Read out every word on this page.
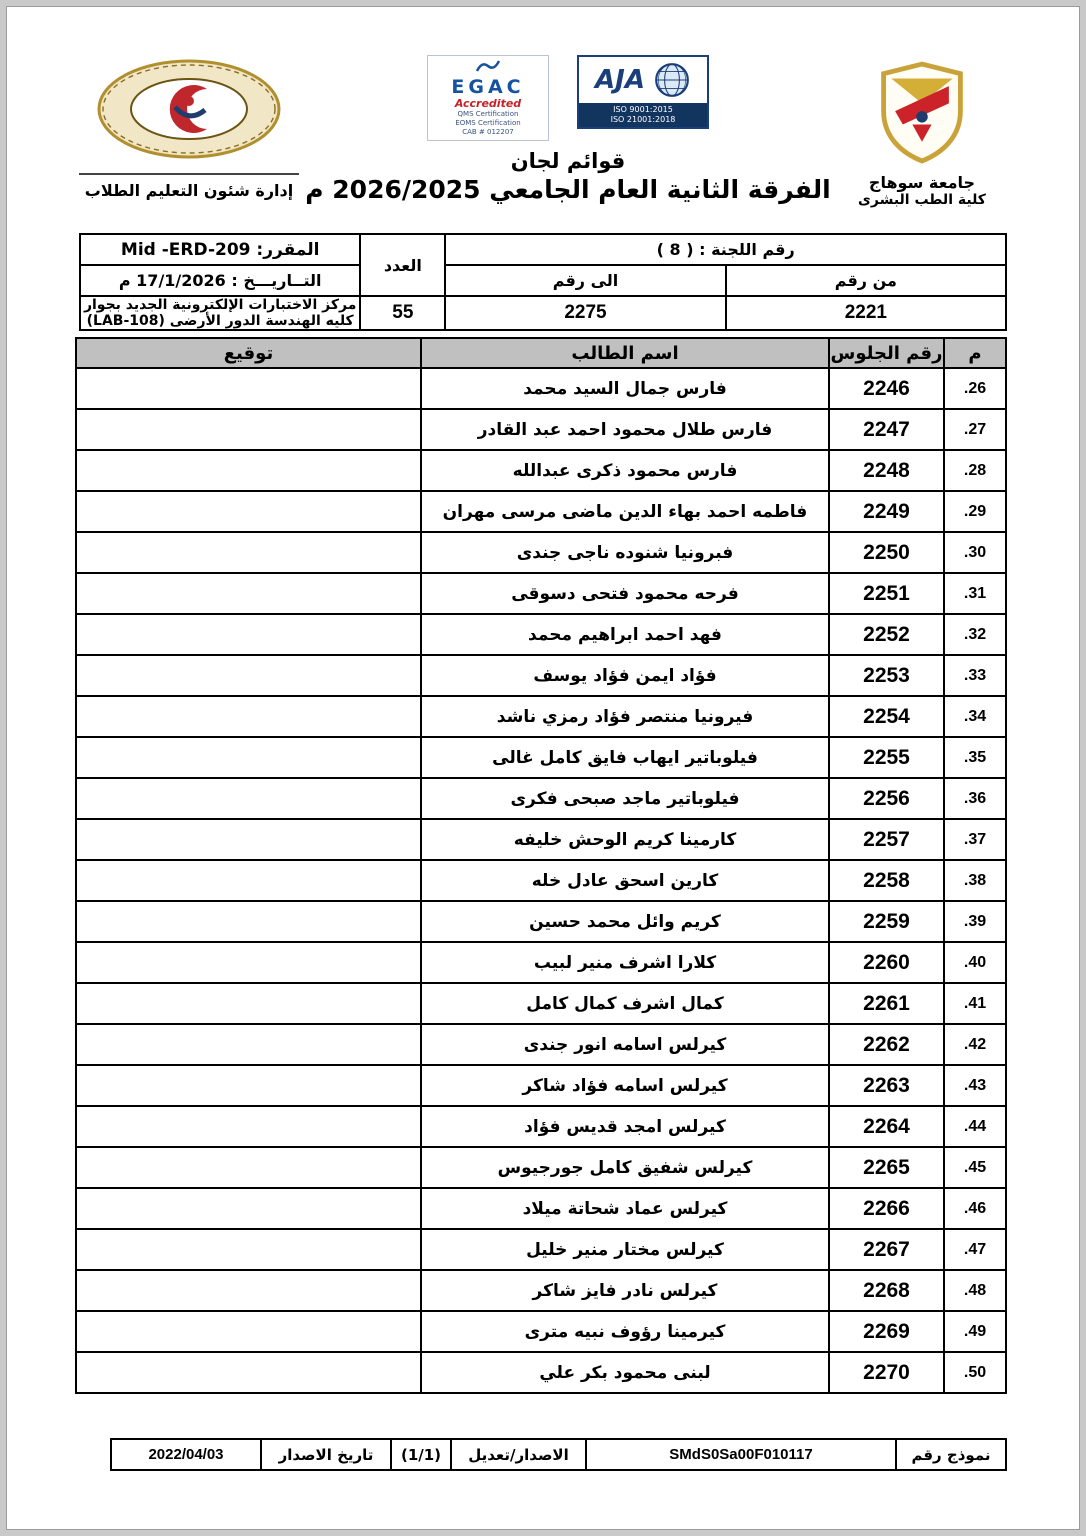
جامعة سوهاج
كلية الطب البشرى
EGAC
Accredited
QMS Certification
EOMS Certification
CAB # 012207
AJA
ISO 9001:2015
ISO 21001:2018
قوائم لجان
الفرقة الثانية العام الجامعي 2026/2025 م
إدارة شئون التعليم الطلاب
رقم اللجنة : ( 8 )		العدد	المقرر: Mid -ERD-209
من رقم	الى رقم		التــاريـــخ : 17/1/2026 م
2221	2275	55	مركز الاختبارات الإلكترونية الجديد بجوار كليه الهندسة الدور الأرضى (LAB-108)
م	رقم الجلوس	اسم الطالب	توقيع
26.	2246	فارس جمال السيد محمد	
27.	2247	فارس طلال محمود احمد عبد القادر	
28.	2248	فارس محمود ذكرى عبدالله	
29.	2249	فاطمه احمد بهاء الدين ماضى مرسى مهران	
30.	2250	فبرونيا شنوده ناجى جندى	
31.	2251	فرحه محمود فتحى دسوقى	
32.	2252	فهد احمد ابراهيم محمد	
33.	2253	فؤاد ايمن فؤاد يوسف	
34.	2254	فيرونيا منتصر فؤاد رمزي ناشد	
35.	2255	فيلوباتير ايهاب فايق كامل غالى	
36.	2256	فيلوباتير ماجد صبحى فكرى	
37.	2257	كارمينا كريم الوحش خليفه	
38.	2258	كارين اسحق عادل خله	
39.	2259	كريم وائل محمد حسين	
40.	2260	كلارا اشرف منير لبيب	
41.	2261	كمال اشرف كمال كامل	
42.	2262	كيرلس اسامه انور جندى	
43.	2263	كيرلس اسامه فؤاد شاكر	
44.	2264	كيرلس امجد قديس فؤاد	
45.	2265	كيرلس شفيق كامل جورجيوس	
46.	2266	كيرلس عماد شحاتة ميلاد	
47.	2267	كيرلس مختار منير خليل	
48.	2268	كيرلس نادر فايز شاكر	
49.	2269	كيرمينا رؤوف نبيه مترى	
50.	2270	لبنى محمود بكر علي	
نموذج رقم	SMdS0Sa00F010117	الاصدار/تعديل	(1/1)	تاريخ الاصدار	2022/04/03
